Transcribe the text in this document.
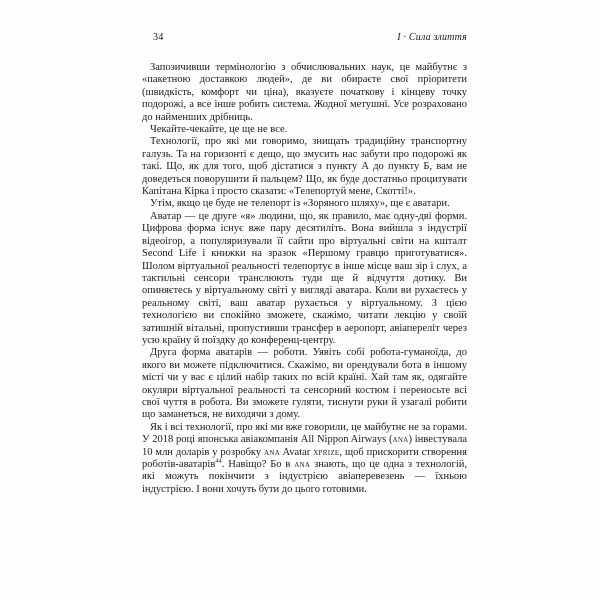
34	І · Сила злиття

Запозичивши термінологію з обчислювальних наук, це майбутнє з «пакетною доставкою людей», де ви обираєте свої пріоритети (швидкість, комфорт чи ціна), вказуєте початкову і кінцеву точку подорожі, а все інше робить система. Жодної метушні. Усе розраховано до найменших дрібниць.

Чекайте-чекайте, це ще не все.

Технології, про які ми говоримо, знищать традиційну транспортну галузь. Та на горизонті є дещо, що змусить нас забути про подорожі як такі. Що, як для того, щоб дістатися з пункту А до пункту Б, вам не доведеться поворушити й пальцем? Що, як буде достатньо процитувати Капітана Кірка і просто сказати: «Телепортуй мене, Скотті!».

Утім, якщо це буде не телепорт із «Зоряного шляху», ще є аватари.

Аватар — це друге «я» людини, що, як правило, має одну-дві форми. Цифрова форма існує вже пару десятиліть. Вона вийшла з індустрії відеоігор, а популяризували її сайти про віртуальні світи на кшталт Second Life і книжки на зразок «Першому гравцю приготуватися». Шолом віртуальної реальності телепортує в інше місце ваш зір і слух, а тактильні сенсори транслюють туди ще й відчуття дотику. Ви опиняєтесь у віртуальному світі у вигляді аватара. Коли ви рухаєтесь у реальному світі, ваш аватар рухається у віртуальному. З цією технологією ви спокійно зможете, скажімо, читати лекцію у своїй затишній вітальні, пропустивши трансфер в аеропорт, авіапереліт через усю країну й поїздку до конференц-центру.

Друга форма аватарів — ро́боти. Уявіть собі робота-гуманоїда, до якого ви можете підключитися. Скажімо, ви орендували бота в іншому місті чи у вас є цілий набір таких по всій країні. Хай там як, одягайте окуляри віртуальної реальності та сенсорний костюм і переносьте всі свої чуття в робота. Ви зможете гуляти, тиснути руки й узагалі робити що заманеться, не виходячи з дому.

Як і всі технології, про які ми вже говорили, це майбутнє не за горами. У 2018 році японська авіакомпанія All Nippon Airways (ana) інвестувала 10 млн доларів у розробку ana Avatar xprize, щоб прискорити створення роботів-аватарів$^{44}$. Навіщо? Бо в ana знають, що це одна з технологій, які можуть покінчити з індустрією авіаперевезень — їхньою індустрією. І вони хочуть бути до цього готовими.
